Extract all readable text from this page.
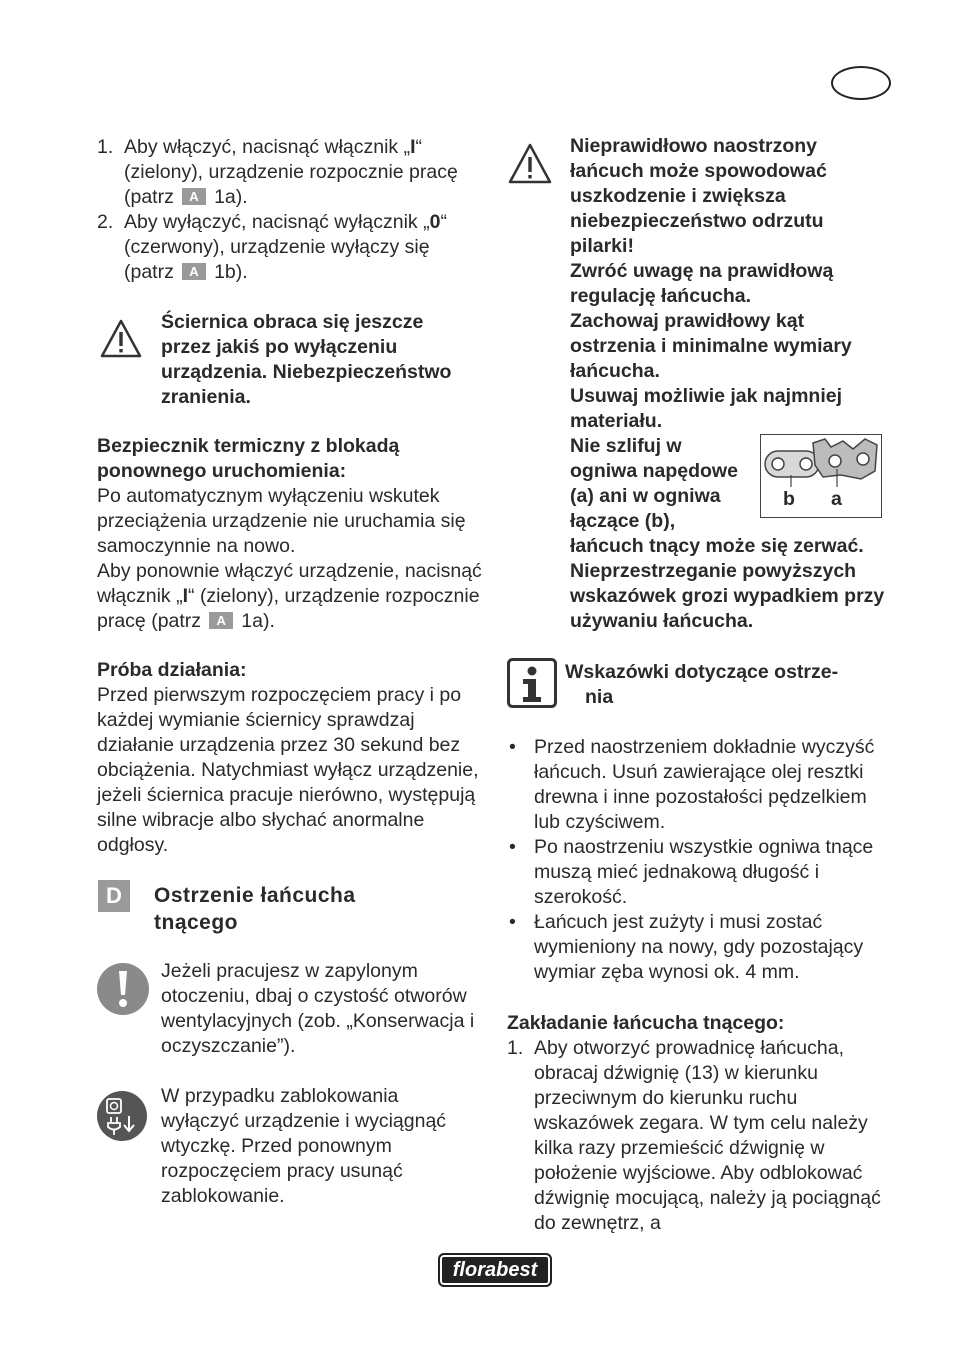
1. Aby włączyć, nacisnąć włącznik „I“ (zielony), urządzenie rozpocznie pracę (patrz A 1a).
2. Aby wyłączyć, nacisnąć wyłącznik „0“ (czerwony), urządzenie wyłączy się (patrz A 1b).

Ściernica obraca się jeszcze przez jakiś po wyłączeniu urządzenia. Niebezpieczeństwo zranienia.

Bezpiecznik termiczny z blokadą ponownego uruchomienia:

Po automatycznym wyłączeniu wskutek przeciążenia urządzenie nie uruchamia się samoczynnie na nowo.

Aby ponownie włączyć urządzenie, nacisnąć włącznik „I“ (zielony), urządzenie rozpocznie pracę (patrz A 1a).

Próba działania:

Przed pierwszym rozpoczęciem pracy i po każdej wymianie ściernicy sprawdzaj działanie urządzenia przez 30 sekund bez obciążenia. Natychmiast wyłącz urządzenie, jeżeli ściernica pracuje nierówno, występują silne wibracje albo słychać anormalne odgłosy.

D	Ostrzenie łańcucha
tnącego

Jeżeli pracujesz w zapylonym otoczeniu, dbaj o czystość otworów wentylacyjnych (zob. „Konserwacja i oczyszczanie”).

W przypadku zablokowania wyłączyć urządzenie i wyciągnąć wtyczkę. Przed ponownym rozpoczęciem pracy usunąć zablokowanie.

Nieprawidłowo naostrzony łańcuch może spowodować uszkodzenie i zwiększa niebezpieczeństwo odrzutu pilarki!

Zwróć uwagę na prawidłową regulację łańcucha.

Zachowaj prawidłowy kąt ostrzenia i minimalne wymiary łańcucha.

Usuwaj możliwie jak najmniej materiału.

b a

Nie szlifuj w ogniwa napędowe (a) ani w ogniwa łączące (b), łańcuch tnący może się zerwać.

Nieprzestrzeganie powyższych wskazówek grozi wypadkiem przy używaniu łańcucha.

Wskazówki dotyczące ostrze-
nia
• Przed naostrzeniem dokładnie wyczyść łańcuch. Usuń zawierające olej resztki drewna i inne pozostałości pędzelkiem lub czyściwem.
• Po naostrzeniu wszystkie ogniwa tnące muszą mieć jednakową długość i szerokość.
• Łańcuch jest zużyty i musi zostać wymieniony na nowy, gdy pozostający wymiar zęba wynosi ok. 4 mm.

Zakładanie łańcucha tnącego:

1. Aby otworzyć prowadnicę łańcucha, obracaj dźwignię (13) w kierunku przeciwnym do kierunku ruchu wskazówek zegara. W tym celu należy kilka razy przemieścić dźwignię w położenie wyjściowe. Aby odblokować dźwignię mocującą, należy ją pociągnąć do zewnętrz, a
florabest
